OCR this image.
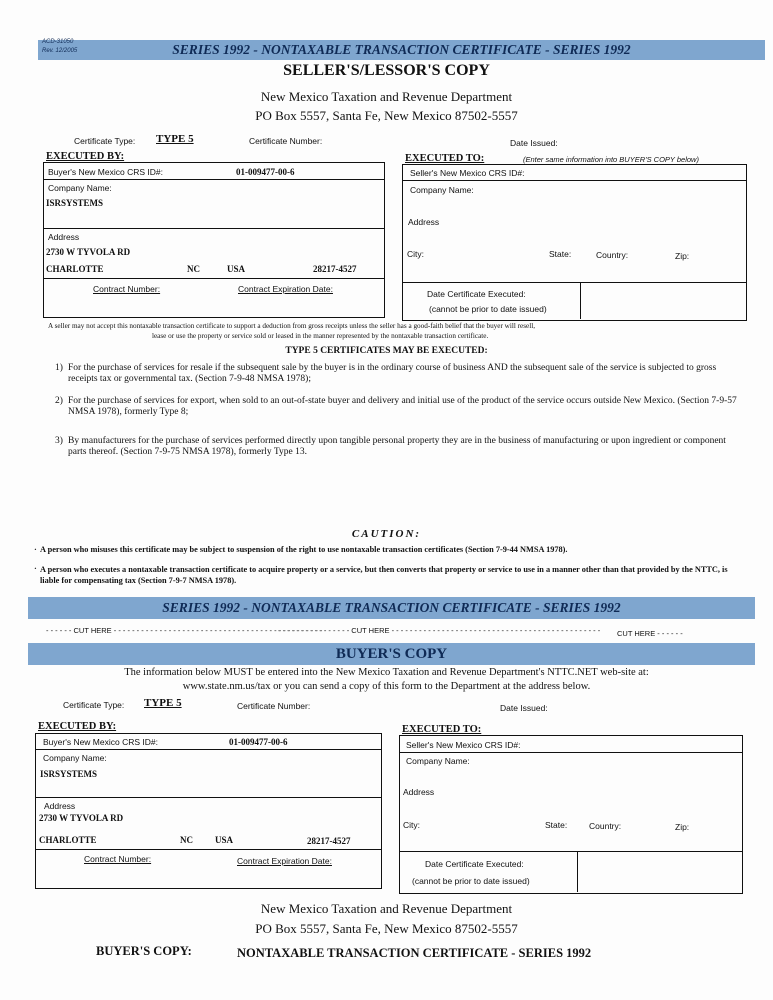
SERIES 1992 - NONTAXABLE TRANSACTION CERTIFICATE - SERIES 1992
ACD-31050
Rev. 12/2005
SELLER'S/LESSOR'S COPY
New Mexico Taxation and Revenue Department
PO Box 5557, Santa Fe, New Mexico 87502-5557
Certificate Type: TYPE 5	Certificate Number:	Date Issued:
EXECUTED BY:
Buyer's New Mexico CRS ID#:	01-009477-00-6
Company Name:
ISRSYSTEMS
Address
2730 W TYVOLA RD
CHARLOTTE	NC	USA	28217-4527
Contract Number:	Contract Expiration Date:
EXECUTED TO:	(Enter same information into BUYER'S COPY below)
Seller's New Mexico CRS ID#:
Company Name:
Address
City:	State:	Country:	Zip:
Date Certificate Executed:
(cannot be prior to date issued)
A seller may not accept this nontaxable transaction certificate to support a deduction from gross receipts unless the seller has a good-faith belief that the buyer will resell,
lease or use the property or service sold or leased in the manner represented by the nontaxable transaction certificate.
TYPE 5 CERTIFICATES MAY BE EXECUTED:
1) For the purchase of services for resale if the subsequent sale by the buyer is in the ordinary course of business AND the subsequent sale of the service is subjected to gross receipts tax or governmental tax. (Section 7-9-48 NMSA 1978);
2) For the purchase of services for export, when sold to an out-of-state buyer and delivery and initial use of the product of the service occurs outside New Mexico. (Section 7-9-57 NMSA 1978), formerly Type 8;
3) By manufacturers for the purchase of services performed directly upon tangible personal property they are in the business of manufacturing or upon ingredient or component parts thereof. (Section 7-9-75 NMSA 1978), formerly Type 13.
CAUTION:
· A person who misuses this certificate may be subject to suspension of the right to use nontaxable transaction certificates (Section 7-9-44 NMSA 1978).
· A person who executes a nontaxable transaction certificate to acquire property or a service, but then converts that property or service to use in a manner other than that provided by the NTTC, is liable for compensating tax (Section 7-9-7 NMSA 1978).
SERIES 1992 - NONTAXABLE TRANSACTION CERTIFICATE - SERIES 1992
- - - - - - CUT HERE - - - - - - - - - - - - - - - - - - - - - - - - - - - - - - - - - - - - - - - - - - - - - -
- - - - - - - - - - - - - - - - CUT HERE - - - - - - - - - - - - - - - - - - - - - - - - - - - - - - - - - - - - - - - - - - - - - - CUT HERE - - - - - -
BUYER'S COPY
The information below MUST be entered into the New Mexico Taxation and Revenue Department's NTTC.NET web-site at:
www.state.nm.us/tax or you can send a copy of this form to the Department at the address below.
Certificate Type: TYPE 5	Certificate Number:	Date Issued:
EXECUTED BY:
Buyer's New Mexico CRS ID#:	01-009477-00-6
Company Name:
ISRSYSTEMS
Address
2730 W TYVOLA RD
CHARLOTTE	NC USA	28217-4527
Contract Number:	Contract Expiration Date:
EXECUTED TO:
Seller's New Mexico CRS ID#:
Company Name:
Address
City:	State:	Country:	Zip:
Date Certificate Executed:
(cannot be prior to date issued)
New Mexico Taxation and Revenue Department
PO Box 5557, Santa Fe, New Mexico 87502-5557
BUYER'S COPY:	NONTAXABLE TRANSACTION CERTIFICATE - SERIES 1992
